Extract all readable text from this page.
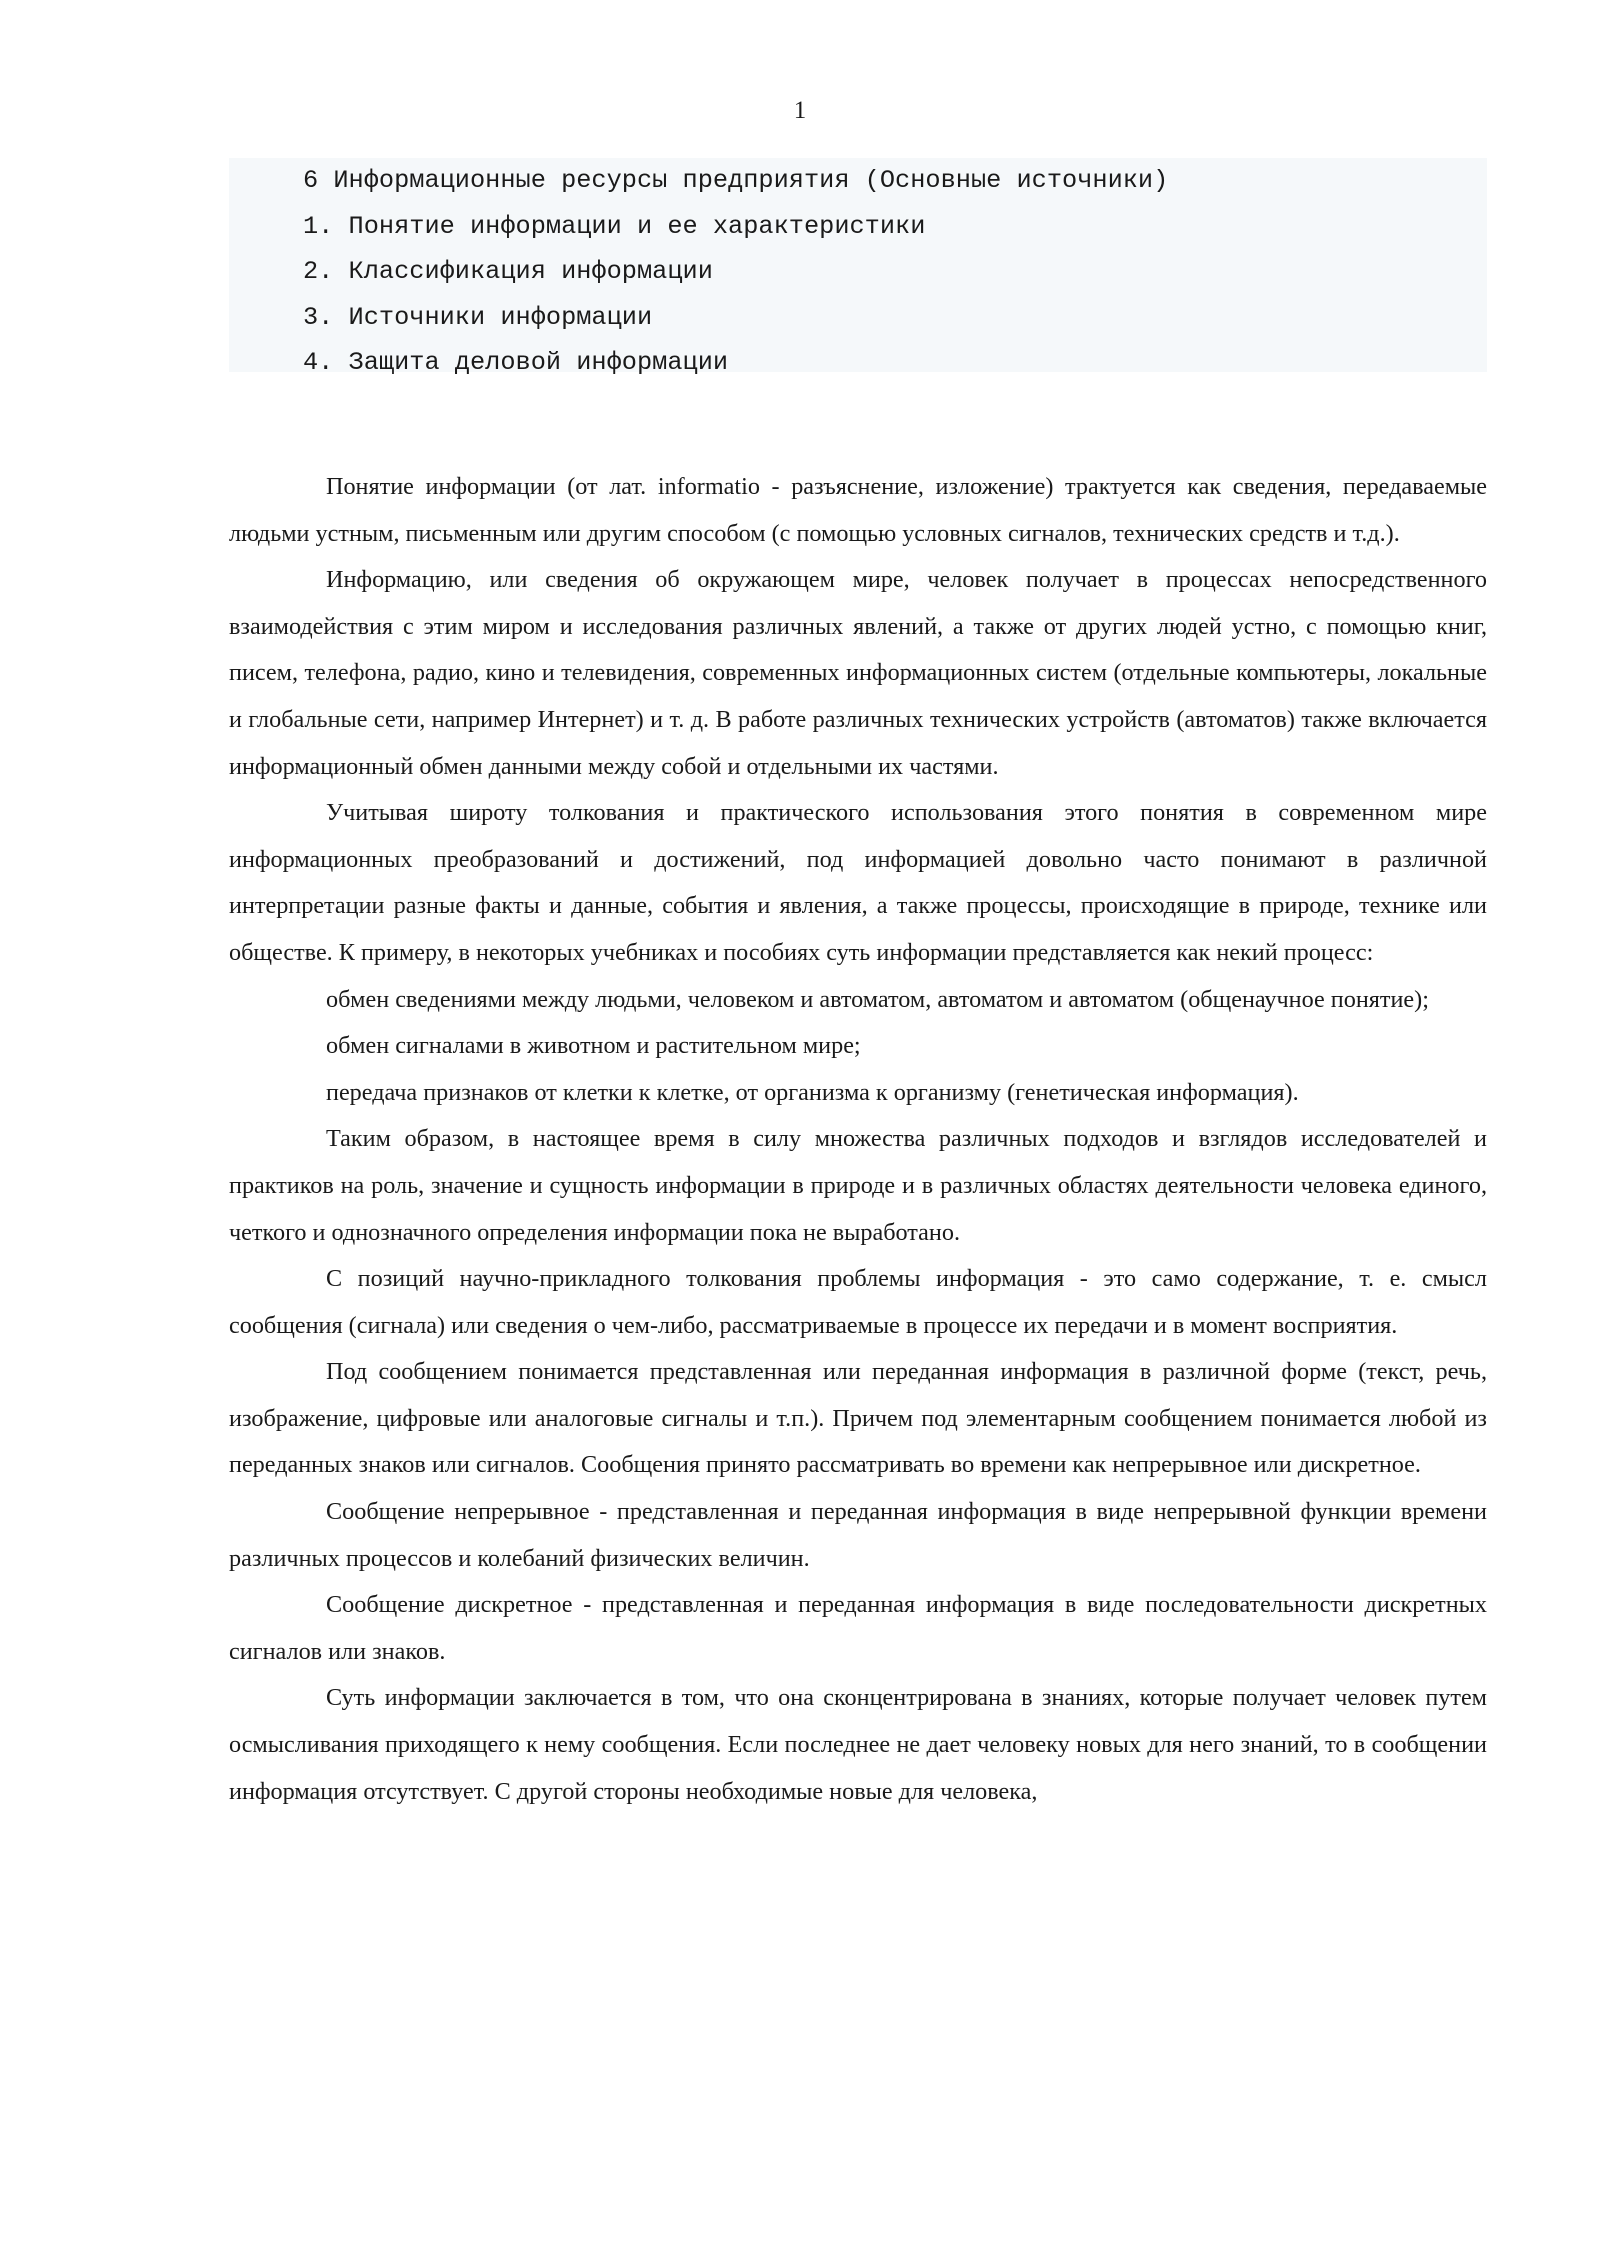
1
6 Информационные ресурсы предприятия (Основные источники)
1. Понятие информации и ее характеристики
2. Классификация информации
3. Источники информации
4. Защита деловой информации

Понятие информации (от лат. informatio - разъяснение, изложение) трактуется как сведения, передаваемые людьми устным, письменным или другим способом (с помощью условных сигналов, технических средств и т.д.).

Информацию, или сведения об окружающем мире, человек получает в процессах непосредственного взаимодействия с этим миром и исследования различных явлений, а также от других людей устно, с помощью книг, писем, телефона, радио, кино и телевидения, современных информационных систем (отдельные компьютеры, локальные и глобальные сети, например Интернет) и т. д. В работе различных технических устройств (автоматов) также включается информационный обмен данными между собой и отдельными их частями.

Учитывая широту толкования и практического использования этого понятия в современном мире информационных преобразований и достижений, под информацией довольно часто понимают в различной интерпретации разные факты и данные, события и явления, а также процессы, происходящие в природе, технике или обществе. К примеру, в некоторых учебниках и пособиях суть информации представляется как некий процесс:

обмен сведениями между людьми, человеком и автоматом, автоматом и автоматом (общенаучное понятие);

обмен сигналами в животном и растительном мире;

передача признаков от клетки к клетке, от организма к организму (генетическая информация).

Таким образом, в настоящее время в силу множества различных подходов и взглядов исследователей и практиков на роль, значение и сущность информации в природе и в различных областях деятельности человека единого, четкого и однозначного определения информации пока не выработано.

С позиций научно-прикладного толкования проблемы информация - это само содержание, т. е. смысл сообщения (сигнала) или сведения о чем-либо, рассматриваемые в процессе их передачи и в момент восприятия.

Под сообщением понимается представленная или переданная информация в различной форме (текст, речь, изображение, цифровые или аналоговые сигналы и т.п.). Причем под элементарным сообщением понимается любой из переданных знаков или сигналов. Сообщения принято рассматривать во времени как непрерывное или дискретное.

Сообщение непрерывное - представленная и переданная информация в виде непрерывной функции времени различных процессов и колебаний физических величин.

Сообщение дискретное - представленная и переданная информация в виде последовательности дискретных сигналов или знаков.

Суть информации заключается в том, что она сконцентрирована в знаниях, которые получает человек путем осмысливания приходящего к нему сообщения. Если последнее не дает человеку новых для него знаний, то в сообщении информация отсутствует. С другой стороны необходимые новые для человека,
